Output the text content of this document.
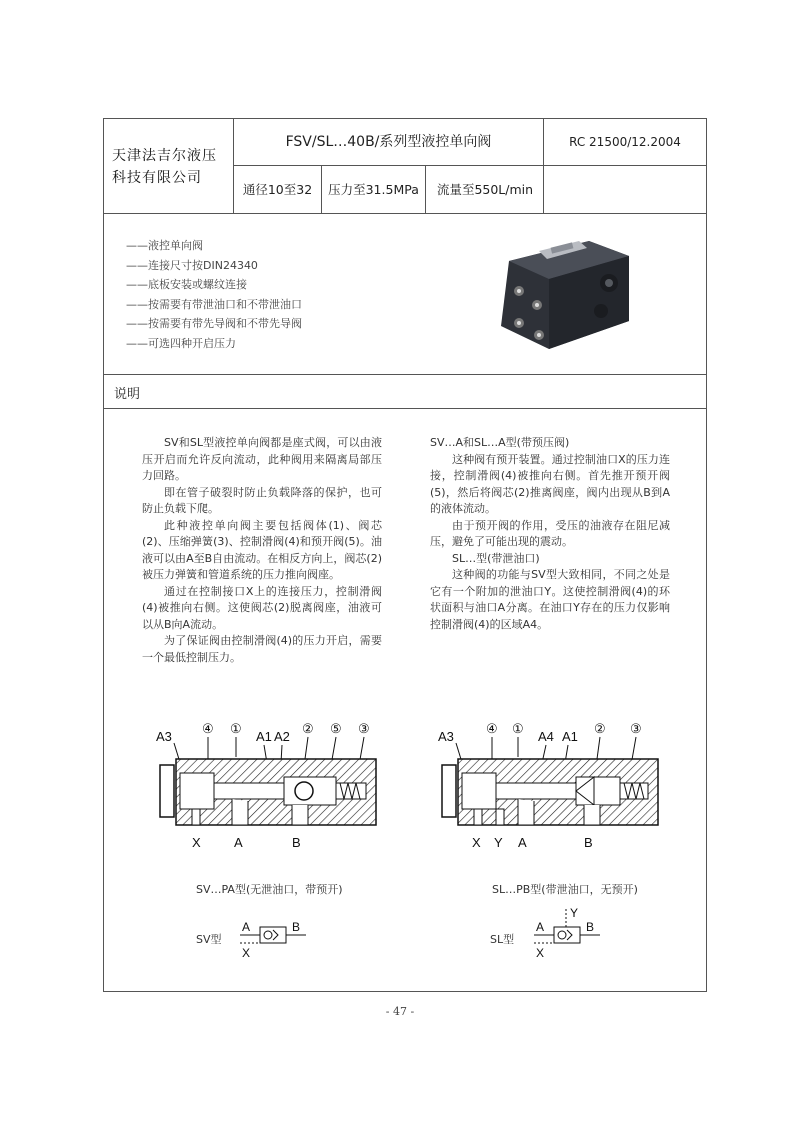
天津法吉尔液压
科技有限公司
FSV/SL…40B/系列型液控单向阀	RC 21500/12.2004
通径10至32	压力至31.5MPa	流量至550L/min
——液控单向阀
——连接尺寸按DIN24340
——底板安装或螺纹连接
——按需要有带泄油口和不带泄油口
——按需要有带先导阀和不带先导阀
——可选四种开启压力
说明

SV和SL型液控单向阀都是座式阀，可以由液压开启而允许反向流动，此种阀用来隔离局部压力回路。

即在管子破裂时防止负载降落的保护，也可防止负载下爬。

此种液控单向阀主要包括阀体(1)、阀芯(2)、压缩弹簧(3)、控制滑阀(4)和预开阀(5)。油液可以由A至B自由流动。在相反方向上，阀芯(2)被压力弹簧和管道系统的压力推向阀座。

通过在控制接口X上的连接压力，控制滑阀(4)被推向右侧。这使阀芯(2)脱离阀座，油液可以从B向A流动。

为了保证阀由控制滑阀(4)的压力开启，需要一个最低控制压力。

SV…A和SL…A型(带预压阀)

这种阀有预开装置。通过控制油口X的压力连接，控制滑阀(4)被推向右侧。首先推开预开阀(5)，然后将阀芯(2)推离阀座，阀内出现从B到A的液体流动。

由于预开阀的作用，受压的油液存在阻尼减压，避免了可能出现的震动。

SL…型(带泄油口)

这种阀的功能与SV型大致相同，不同之处是它有一个附加的泄油口Y。这使控制滑阀(4)的环状面积与油口A分离。在油口Y存在的压力仅影响控制滑阀(4)的区域A4。

A3
④ ①
A1 A2
② ⑤ ③
X	A	B
SV…PA型(无泄油口，带预开)
A3
④ ①
A4 A1
② ③
X Y A	B
SL…PB型(带泄油口，无预开)
SV型
A	B
X
SL型
A	B
X
Y
- 47 -
